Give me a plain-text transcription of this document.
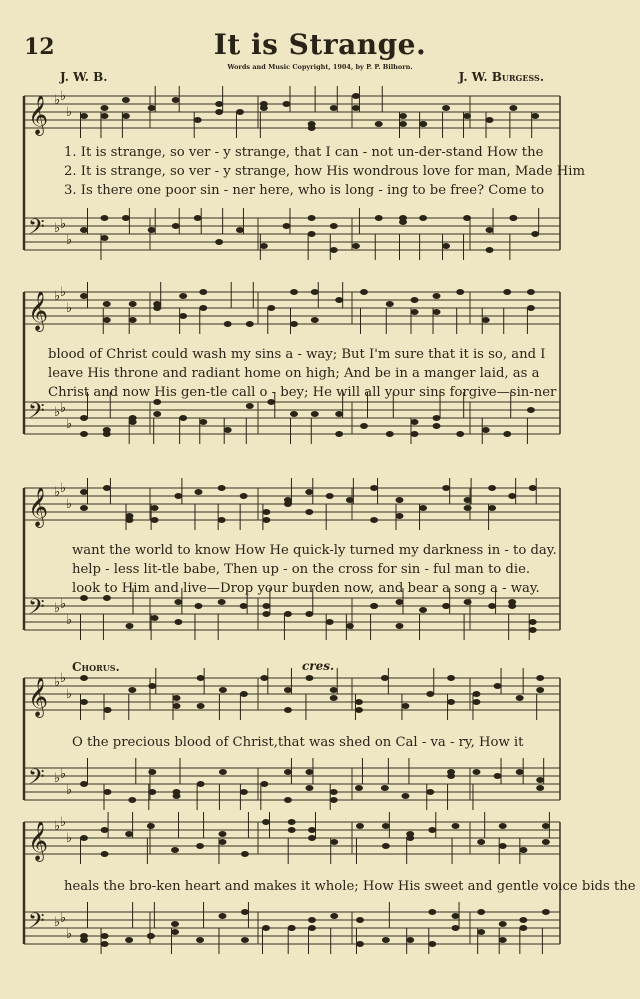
𝄞
𝄢
♭
♭
♭
♭
♭
♭
𝄞
𝄢
♭
♭
♭
♭
♭
♭
𝄞
𝄢
♭
♭
♭
♭
♭
♭
𝄞
𝄢
♭
♭
♭
♭
♭
♭
𝄞
𝄢
♭
♭
♭
♭
♭
♭
12	It is Strange.
Words and Music Copyright, 1904, by P. P. Bilhorn.
J. W. B.	J. W. Burgess.
1. It is strange, so ver - y strange, that I can - not un-der-stand How the
2. It is strange, so ver - y strange, how His wondrous love for man, Made Him
3. Is there one poor sin - ner here, who is long - ing to be free? Come to
blood of Christ could wash my sins a - way; But I'm sure that it is so, and I
leave His throne and radiant home on high; And be in a manger laid, as a
Christ and now His gen-tle call o - bey; He will all your sins forgive—sin-ner
want the world to know How He quick-ly turned my darkness in - to day.
help - less lit-tle babe, Then up - on the cross for sin - ful man to die.
look to Him and live—Drop your burden now, and bear a song a - way.
Chorus.	cres.
O the precious blood of Christ,that was shed on Cal - va - ry, How it
heals the bro-ken heart and makes it whole; How His sweet and gentle voice bids the
